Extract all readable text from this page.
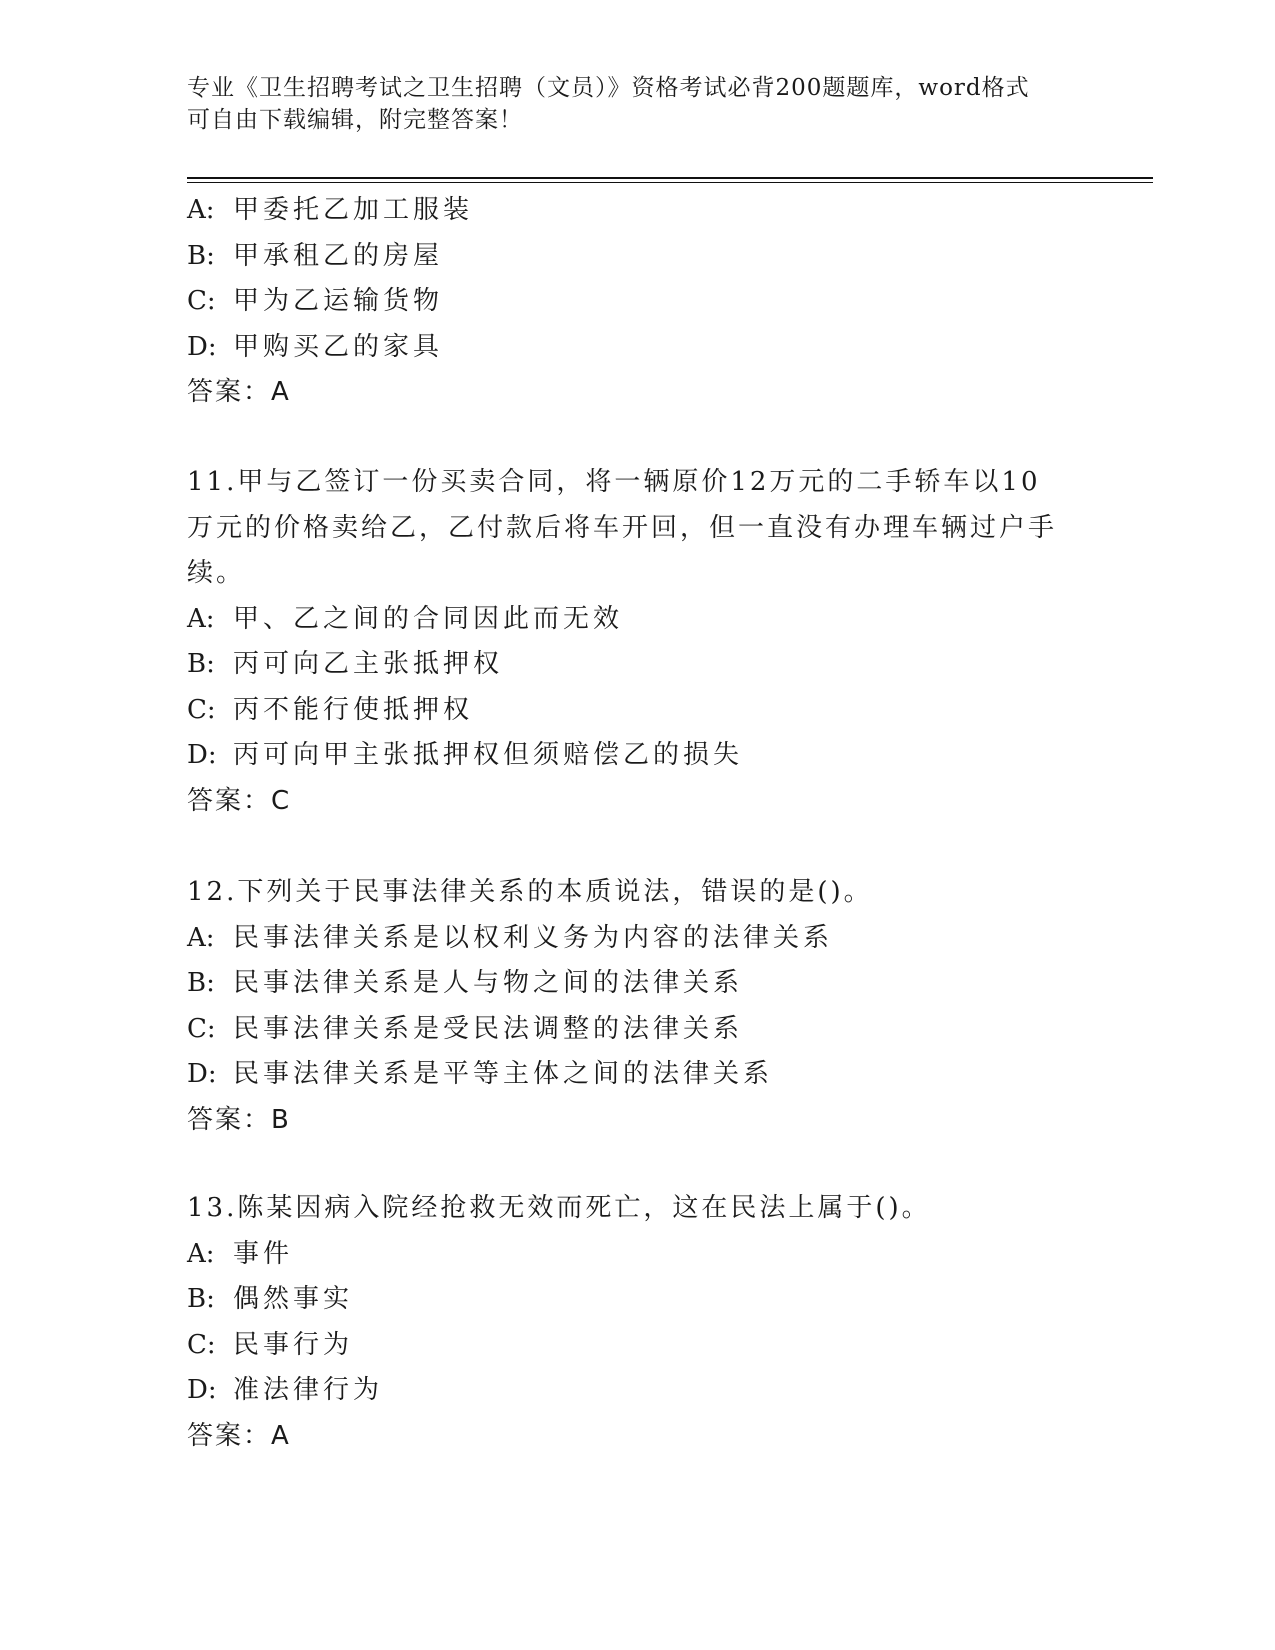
专业《卫生招聘考试之卫生招聘（文员）》资格考试必背200题题库，word格式
可自由下载编辑，附完整答案！
A: 甲委托乙加工服装
B: 甲承租乙的房屋
C: 甲为乙运输货物
D: 甲购买乙的家具
答案：A
11.甲与乙签订一份买卖合同，将一辆原价12万元的二手轿车以10万元的价格卖给乙，乙付款后将车开回，但一直没有办理车辆过户手续。
A: 甲、乙之间的合同因此而无效
B: 丙可向乙主张抵押权
C: 丙不能行使抵押权
D: 丙可向甲主张抵押权但须赔偿乙的损失
答案：C
12.下列关于民事法律关系的本质说法，错误的是()。
A: 民事法律关系是以权利义务为内容的法律关系
B: 民事法律关系是人与物之间的法律关系
C: 民事法律关系是受民法调整的法律关系
D: 民事法律关系是平等主体之间的法律关系
答案：B
13.陈某因病入院经抢救无效而死亡，这在民法上属于()。
A: 事件
B: 偶然事实
C: 民事行为
D: 准法律行为
答案：A
